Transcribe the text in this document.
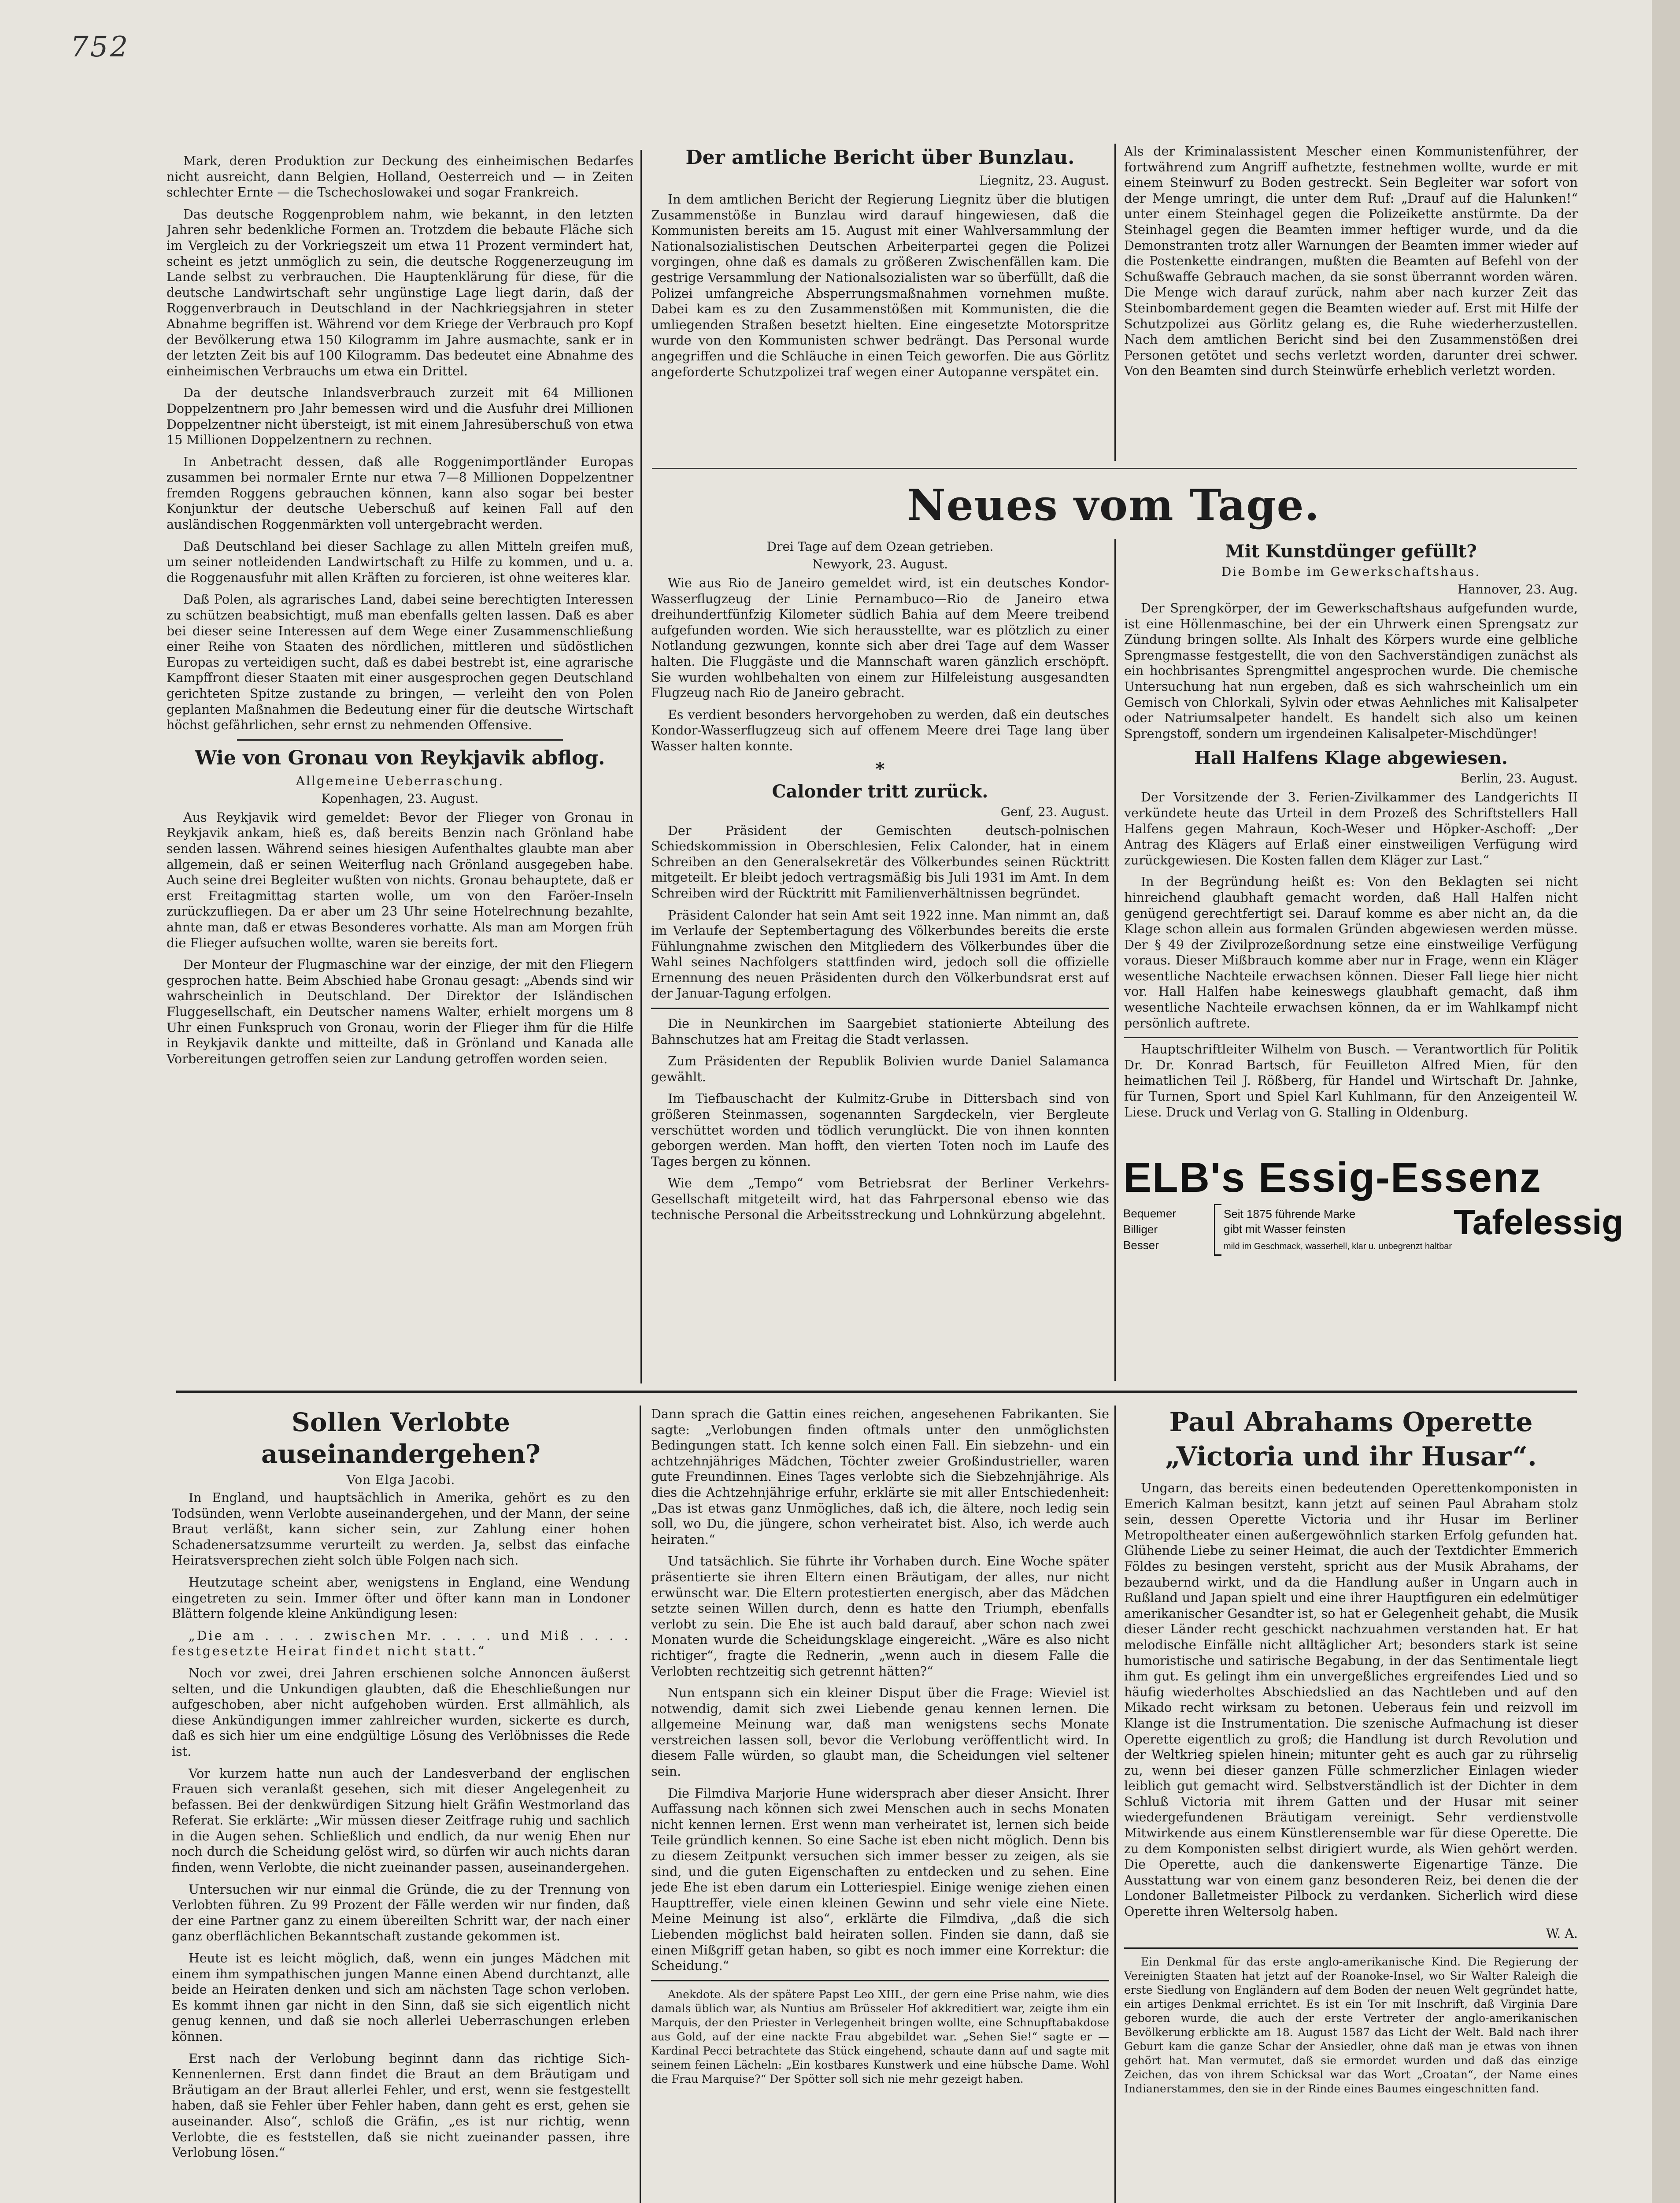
752

Mark, deren Produktion zur Deckung des einheimischen Bedarfes nicht ausreicht, dann Belgien, Holland, Oesterreich und — in Zeiten schlechter Ernte — die Tschechoslowakei und sogar Frankreich.

Das deutsche Roggenproblem nahm, wie bekannt, in den letzten Jahren sehr bedenkliche Formen an. Trotzdem die bebaute Fläche sich im Vergleich zu der Vorkriegszeit um etwa 11 Prozent vermindert hat, scheint es jetzt unmöglich zu sein, die deutsche Roggenerzeugung im Lande selbst zu verbrauchen. Die Hauptenklärung für diese, für die deutsche Landwirtschaft sehr ungünstige Lage liegt darin, daß der Roggenverbrauch in Deutschland in der Nachkriegsjahren in steter Abnahme begriffen ist. Während vor dem Kriege der Verbrauch pro Kopf der Bevölkerung etwa 150 Kilogramm im Jahre ausmachte, sank er in der letzten Zeit bis auf 100 Kilogramm. Das bedeutet eine Abnahme des einheimischen Verbrauchs um etwa ein Drittel.

Da der deutsche Inlandsverbrauch zurzeit mit 64 Millionen Doppelzentnern pro Jahr bemessen wird und die Ausfuhr drei Millionen Doppelzentner nicht übersteigt, ist mit einem Jahresüberschuß von etwa 15 Millionen Doppelzentnern zu rechnen.

In Anbetracht dessen, daß alle Roggenimportländer Europas zusammen bei normaler Ernte nur etwa 7—8 Millionen Doppelzentner fremden Roggens gebrauchen können, kann also sogar bei bester Konjunktur der deutsche Ueberschuß auf keinen Fall auf den ausländischen Roggenmärkten voll untergebracht werden.

Daß Deutschland bei dieser Sachlage zu allen Mitteln greifen muß, um seiner notleidenden Landwirtschaft zu Hilfe zu kommen, und u. a. die Roggenausfuhr mit allen Kräften zu forcieren, ist ohne weiteres klar.

Daß Polen, als agrarisches Land, dabei seine berechtigten Interessen zu schützen beabsichtigt, muß man ebenfalls gelten lassen. Daß es aber bei dieser seine Interessen auf dem Wege einer Zusammenschließung einer Reihe von Staaten des nördlichen, mittleren und südöstlichen Europas zu verteidigen sucht, daß es dabei bestrebt ist, eine agrarische Kampffront dieser Staaten mit einer ausgesprochen gegen Deutschland gerichteten Spitze zustande zu bringen, — verleiht den von Polen geplanten Maßnahmen die Bedeutung einer für die deutsche Wirtschaft höchst gefährlichen, sehr ernst zu nehmenden Offensive.

Wie von Gronau von Reykjavik abflog.
Allgemeine Ueberraschung.
Kopenhagen, 23. August.

Aus Reykjavik wird gemeldet: Bevor der Flieger von Gronau in Reykjavik ankam, hieß es, daß bereits Benzin nach Grönland habe senden lassen. Während seines hiesigen Aufenthaltes glaubte man aber allgemein, daß er seinen Weiterflug nach Grönland ausgegeben habe. Auch seine drei Begleiter wußten von nichts. Gronau behauptete, daß er erst Freitagmittag starten wolle, um von den Faröer-Inseln zurückzufliegen. Da er aber um 23 Uhr seine Hotelrechnung bezahlte, ahnte man, daß er etwas Besonderes vorhatte. Als man am Morgen früh die Flieger aufsuchen wollte, waren sie bereits fort.

Der Monteur der Flugmaschine war der einzige, der mit den Fliegern gesprochen hatte. Beim Abschied habe Gronau gesagt: „Abends sind wir wahrscheinlich in Deutschland. Der Direktor der Isländischen Fluggesellschaft, ein Deutscher namens Walter, erhielt morgens um 8 Uhr einen Funkspruch von Gronau, worin der Flieger ihm für die Hilfe in Reykjavik dankte und mitteilte, daß in Grönland und Kanada alle Vorbereitungen getroffen seien zur Landung getroffen worden seien.

Der amtliche Bericht über Bunzlau.
Liegnitz, 23. August.

In dem amtlichen Bericht der Regierung Liegnitz über die blutigen Zusammenstöße in Bunzlau wird darauf hingewiesen, daß die Kommunisten bereits am 15. August mit einer Wahlversammlung der Nationalsozialistischen Deutschen Arbeiterpartei gegen die Polizei vorgingen, ohne daß es damals zu größeren Zwischenfällen kam. Die gestrige Versammlung der Nationalsozialisten war so überfüllt, daß die Polizei umfangreiche Absperrungsmaßnahmen vornehmen mußte. Dabei kam es zu den Zusammenstößen mit Kommunisten, die die umliegenden Straßen besetzt hielten. Eine eingesetzte Motorspritze wurde von den Kommunisten schwer bedrängt. Das Personal wurde angegriffen und die Schläuche in einen Teich geworfen. Die aus Görlitz angeforderte Schutzpolizei traf wegen einer Autopanne verspätet ein.

Als der Kriminalassistent Mescher einen Kommunistenführer, der fortwährend zum Angriff aufhetzte, festnehmen wollte, wurde er mit einem Steinwurf zu Boden gestreckt. Sein Begleiter war sofort von der Menge umringt, die unter dem Ruf: „Drauf auf die Halunken!“ unter einem Steinhagel gegen die Polizeikette anstürmte. Da der Steinhagel gegen die Beamten immer heftiger wurde, und da die Demonstranten trotz aller Warnungen der Beamten immer wieder auf die Postenkette eindrangen, mußten die Beamten auf Befehl von der Schußwaffe Gebrauch machen, da sie sonst überrannt worden wären. Die Menge wich darauf zurück, nahm aber nach kurzer Zeit das Steinbombardement gegen die Beamten wieder auf. Erst mit Hilfe der Schutzpolizei aus Görlitz gelang es, die Ruhe wiederherzustellen. Nach dem amtlichen Bericht sind bei den Zusammenstößen drei Personen getötet und sechs verletzt worden, darunter drei schwer. Von den Beamten sind durch Steinwürfe erheblich verletzt worden.

Neues vom Tage.
Drei Tage auf dem Ozean getrieben.
Newyork, 23. August.

Wie aus Rio de Janeiro gemeldet wird, ist ein deutsches Kondor-Wasserflugzeug der Linie Pernambuco—Rio de Janeiro etwa dreihundertfünfzig Kilometer südlich Bahia auf dem Meere treibend aufgefunden worden. Wie sich herausstellte, war es plötzlich zu einer Notlandung gezwungen, konnte sich aber drei Tage auf dem Wasser halten. Die Fluggäste und die Mannschaft waren gänzlich erschöpft. Sie wurden wohlbehalten von einem zur Hilfeleistung ausgesandten Flugzeug nach Rio de Janeiro gebracht.

Es verdient besonders hervorgehoben zu werden, daß ein deutsches Kondor-Wasserflugzeug sich auf offenem Meere drei Tage lang über Wasser halten konnte.

*
Calonder tritt zurück.
Genf, 23. August.

Der Präsident der Gemischten deutsch-polnischen Schiedskommission in Oberschlesien, Felix Calonder, hat in einem Schreiben an den Generalsekretär des Völkerbundes seinen Rücktritt mitgeteilt. Er bleibt jedoch vertragsmäßig bis Juli 1931 im Amt. In dem Schreiben wird der Rücktritt mit Familienverhältnissen begründet.

Präsident Calonder hat sein Amt seit 1922 inne. Man nimmt an, daß im Verlaufe der Septembertagung des Völkerbundes bereits die erste Fühlungnahme zwischen den Mitgliedern des Völkerbundes über die Wahl seines Nachfolgers stattfinden wird, jedoch soll die offizielle Ernennung des neuen Präsidenten durch den Völkerbundsrat erst auf der Januar-Tagung erfolgen.

Die in Neunkirchen im Saargebiet stationierte Abteilung des Bahnschutzes hat am Freitag die Stadt verlassen.

Zum Präsidenten der Republik Bolivien wurde Daniel Salamanca gewählt.

Im Tiefbauschacht der Kulmitz-Grube in Dittersbach sind von größeren Steinmassen, sogenannten Sargdeckeln, vier Bergleute verschüttet worden und tödlich verunglückt. Die von ihnen konnten geborgen werden. Man hofft, den vierten Toten noch im Laufe des Tages bergen zu können.

Wie dem „Tempo“ vom Betriebsrat der Berliner Verkehrs-Gesellschaft mitgeteilt wird, hat das Fahrpersonal ebenso wie das technische Personal die Arbeitsstreckung und Lohnkürzung abgelehnt.

Mit Kunstdünger gefüllt?
Die Bombe im Gewerkschaftshaus.
Hannover, 23. Aug.

Der Sprengkörper, der im Gewerkschaftshaus aufgefunden wurde, ist eine Höllenmaschine, bei der ein Uhrwerk einen Sprengsatz zur Zündung bringen sollte. Als Inhalt des Körpers wurde eine gelbliche Sprengmasse festgestellt, die von den Sachverständigen zunächst als ein hochbrisantes Sprengmittel angesprochen wurde. Die chemische Untersuchung hat nun ergeben, daß es sich wahrscheinlich um ein Gemisch von Chlorkali, Sylvin oder etwas Aehnliches mit Kalisalpeter oder Natriumsalpeter handelt. Es handelt sich also um keinen Sprengstoff, sondern um irgendeinen Kalisalpeter-Mischdünger!

Hall Halfens Klage abgewiesen.
Berlin, 23. August.

Der Vorsitzende der 3. Ferien-Zivilkammer des Landgerichts II verkündete heute das Urteil in dem Prozeß des Schriftstellers Hall Halfens gegen Mahraun, Koch-Weser und Höpker-Aschoff: „Der Antrag des Klägers auf Erlaß einer einstweiligen Verfügung wird zurückgewiesen. Die Kosten fallen dem Kläger zur Last.“

In der Begründung heißt es: Von den Beklagten sei nicht hinreichend glaubhaft gemacht worden, daß Hall Halfen nicht genügend gerechtfertigt sei. Darauf komme es aber nicht an, da die Klage schon allein aus formalen Gründen abgewiesen werden müsse. Der § 49 der Zivilprozeßordnung setze eine einstweilige Verfügung voraus. Dieser Mißbrauch komme aber nur in Frage, wenn ein Kläger wesentliche Nachteile erwachsen können. Dieser Fall liege hier nicht vor. Hall Halfen habe keineswegs glaubhaft gemacht, daß ihm wesentliche Nachteile erwachsen können, da er im Wahlkampf nicht persönlich auftrete.

Hauptschriftleiter Wilhelm von Busch. — Verantwortlich für Politik Dr. Dr. Konrad Bartsch, für Feuilleton Alfred Mien, für den heimatlichen Teil J. Rößberg, für Handel und Wirtschaft Dr. Jahnke, für Turnen, Sport und Spiel Karl Kuhlmann, für den Anzeigenteil W. Liese. Druck und Verlag von G. Stalling in Oldenburg.

ELB's Essig-Essenz
Bequemer
Billiger
Besser
Seit 1875 führende Marke
gibt mit Wasser feinsten	Tafelessig
mild im Geschmack, wasserhell, klar u. unbegrenzt haltbar
Sollen Verlobte auseinandergehen?
Von Elga Jacobi.

In England, und hauptsächlich in Amerika, gehört es zu den Todsünden, wenn Verlobte auseinandergehen, und der Mann, der seine Braut verläßt, kann sicher sein, zur Zahlung einer hohen Schadenersatzsumme verurteilt zu werden. Ja, selbst das einfache Heiratsversprechen zieht solch üble Folgen nach sich.

Heutzutage scheint aber, wenigstens in England, eine Wendung eingetreten zu sein. Immer öfter und öfter kann man in Londoner Blättern folgende kleine Ankündigung lesen:

„Die am . . . . zwischen Mr. . . . . und Miß . . . . festgesetzte Heirat findet nicht statt.“

Noch vor zwei, drei Jahren erschienen solche Annoncen äußerst selten, und die Unkundigen glaubten, daß die Eheschließungen nur aufgeschoben, aber nicht aufgehoben würden. Erst allmählich, als diese Ankündigungen immer zahlreicher wurden, sickerte es durch, daß es sich hier um eine endgültige Lösung des Verlöbnisses die Rede ist.

Vor kurzem hatte nun auch der Landesverband der englischen Frauen sich veranlaßt gesehen, sich mit dieser Angelegenheit zu befassen. Bei der denkwürdigen Sitzung hielt Gräfin Westmorland das Referat. Sie erklärte: „Wir müssen dieser Zeitfrage ruhig und sachlich in die Augen sehen. Schließlich und endlich, da nur wenig Ehen nur noch durch die Scheidung gelöst wird, so dürfen wir auch nichts daran finden, wenn Verlobte, die nicht zueinander passen, auseinandergehen.

Untersuchen wir nur einmal die Gründe, die zu der Trennung von Verlobten führen. Zu 99 Prozent der Fälle werden wir nur finden, daß der eine Partner ganz zu einem übereilten Schritt war, der nach einer ganz oberflächlichen Bekanntschaft zustande gekommen ist.

Heute ist es leicht möglich, daß, wenn ein junges Mädchen mit einem ihm sympathischen jungen Manne einen Abend durchtanzt, alle beide an Heiraten denken und sich am nächsten Tage schon verloben. Es kommt ihnen gar nicht in den Sinn, daß sie sich eigentlich nicht genug kennen, und daß sie noch allerlei Ueberraschungen erleben können.

Erst nach der Verlobung beginnt dann das richtige Sich-Kennenlernen. Erst dann findet die Braut an dem Bräutigam und Bräutigam an der Braut allerlei Fehler, und erst, wenn sie festgestellt haben, daß sie Fehler über Fehler haben, dann geht es erst, gehen sie auseinander. Also“, schloß die Gräfin, „es ist nur richtig, wenn Verlobte, die es feststellen, daß sie nicht zueinander passen, ihre Verlobung lösen.“

Dann sprach die Gattin eines reichen, angesehenen Fabrikanten. Sie sagte: „Verlobungen finden oftmals unter den unmöglichsten Bedingungen statt. Ich kenne solch einen Fall. Ein siebzehn- und ein achtzehnjähriges Mädchen, Töchter zweier Großindustrieller, waren gute Freundinnen. Eines Tages verlobte sich die Siebzehnjährige. Als dies die Achtzehnjährige erfuhr, erklärte sie mit aller Entschiedenheit: „Das ist etwas ganz Unmögliches, daß ich, die ältere, noch ledig sein soll, wo Du, die jüngere, schon verheiratet bist. Also, ich werde auch heiraten.“

Und tatsächlich. Sie führte ihr Vorhaben durch. Eine Woche später präsentierte sie ihren Eltern einen Bräutigam, der alles, nur nicht erwünscht war. Die Eltern protestierten energisch, aber das Mädchen setzte seinen Willen durch, denn es hatte den Triumph, ebenfalls verlobt zu sein. Die Ehe ist auch bald darauf, aber schon nach zwei Monaten wurde die Scheidungsklage eingereicht. „Wäre es also nicht richtiger“, fragte die Rednerin, „wenn auch in diesem Falle die Verlobten rechtzeitig sich getrennt hätten?“

Nun entspann sich ein kleiner Disput über die Frage: Wieviel ist notwendig, damit sich zwei Liebende genau kennen lernen. Die allgemeine Meinung war, daß man wenigstens sechs Monate verstreichen lassen soll, bevor die Verlobung veröffentlicht wird. In diesem Falle würden, so glaubt man, die Scheidungen viel seltener sein.

Die Filmdiva Marjorie Hune widersprach aber dieser Ansicht. Ihrer Auffassung nach können sich zwei Menschen auch in sechs Monaten nicht kennen lernen. Erst wenn man verheiratet ist, lernen sich beide Teile gründlich kennen. So eine Sache ist eben nicht möglich. Denn bis zu diesem Zeitpunkt versuchen sich immer besser zu zeigen, als sie sind, und die guten Eigenschaften zu entdecken und zu sehen. Eine jede Ehe ist eben darum ein Lotteriespiel. Einige wenige ziehen einen Haupttreffer, viele einen kleinen Gewinn und sehr viele eine Niete. Meine Meinung ist also“, erklärte die Filmdiva, „daß die sich Liebenden möglichst bald heiraten sollen. Finden sie dann, daß sie einen Mißgriff getan haben, so gibt es noch immer eine Korrektur: die Scheidung.“

Anekdote. Als der spätere Papst Leo XIII., der gern eine Prise nahm, wie dies damals üblich war, als Nuntius am Brüsseler Hof akkreditiert war, zeigte ihm ein Marquis, der den Priester in Verlegenheit bringen wollte, eine Schnupftabakdose aus Gold, auf der eine nackte Frau abgebildet war. „Sehen Sie!“ sagte er — Kardinal Pecci betrachtete das Stück eingehend, schaute dann auf und sagte mit seinem feinen Lächeln: „Ein kostbares Kunstwerk und eine hübsche Dame. Wohl die Frau Marquise?“ Der Spötter soll sich nie mehr gezeigt haben.

Paul Abrahams Operette
„Victoria und ihr Husar“.

Ungarn, das bereits einen bedeutenden Operettenkomponisten in Emerich Kalman besitzt, kann jetzt auf seinen Paul Abraham stolz sein, dessen Operette Victoria und ihr Husar im Berliner Metropoltheater einen außergewöhnlich starken Erfolg gefunden hat. Glühende Liebe zu seiner Heimat, die auch der Textdichter Emmerich Földes zu besingen versteht, spricht aus der Musik Abrahams, der bezaubernd wirkt, und da die Handlung außer in Ungarn auch in Rußland und Japan spielt und eine ihrer Hauptfiguren ein edelmütiger amerikanischer Gesandter ist, so hat er Gelegenheit gehabt, die Musik dieser Länder recht geschickt nachzuahmen verstanden hat. Er hat melodische Einfälle nicht alltäglicher Art; besonders stark ist seine humoristische und satirische Begabung, in der das Sentimentale liegt ihm gut. Es gelingt ihm ein unvergeßliches ergreifendes Lied und so häufig wiederholtes Abschiedslied an das Nachtleben und auf den Mikado recht wirksam zu betonen. Ueberaus fein und reizvoll im Klange ist die Instrumentation. Die szenische Aufmachung ist dieser Operette eigentlich zu groß; die Handlung ist durch Revolution und der Weltkrieg spielen hinein; mitunter geht es auch gar zu rührselig zu, wenn bei dieser ganzen Fülle schmerzlicher Einlagen wieder leiblich gut gemacht wird. Selbstverständlich ist der Dichter in dem Schluß Victoria mit ihrem Gatten und der Husar mit seiner wiedergefundenen Bräutigam vereinigt. Sehr verdienstvolle Mitwirkende aus einem Künstlerensemble war für diese Operette. Die zu dem Komponisten selbst dirigiert wurde, als Wien gehört werden. Die Operette, auch die dankenswerte Eigenartige Tänze. Die Ausstattung war von einem ganz besonderen Reiz, bei denen die der Londoner Balletmeister Pilbock zu verdanken. Sicherlich wird diese Operette ihren Weltersolg haben.

W. A.

Ein Denkmal für das erste anglo-amerikanische Kind. Die Regierung der Vereinigten Staaten hat jetzt auf der Roanoke-Insel, wo Sir Walter Raleigh die erste Siedlung von Engländern auf dem Boden der neuen Welt gegründet hatte, ein artiges Denkmal errichtet. Es ist ein Tor mit Inschrift, daß Virginia Dare geboren wurde, die auch der erste Vertreter der anglo-amerikanischen Bevölkerung erblickte am 18. August 1587 das Licht der Welt. Bald nach ihrer Geburt kam die ganze Schar der Ansiedler, ohne daß man je etwas von ihnen gehört hat. Man vermutet, daß sie ermordet wurden und daß das einzige Zeichen, das von ihrem Schicksal war das Wort „Croatan“, der Name eines Indianerstammes, den sie in der Rinde eines Baumes eingeschnitten fand.
